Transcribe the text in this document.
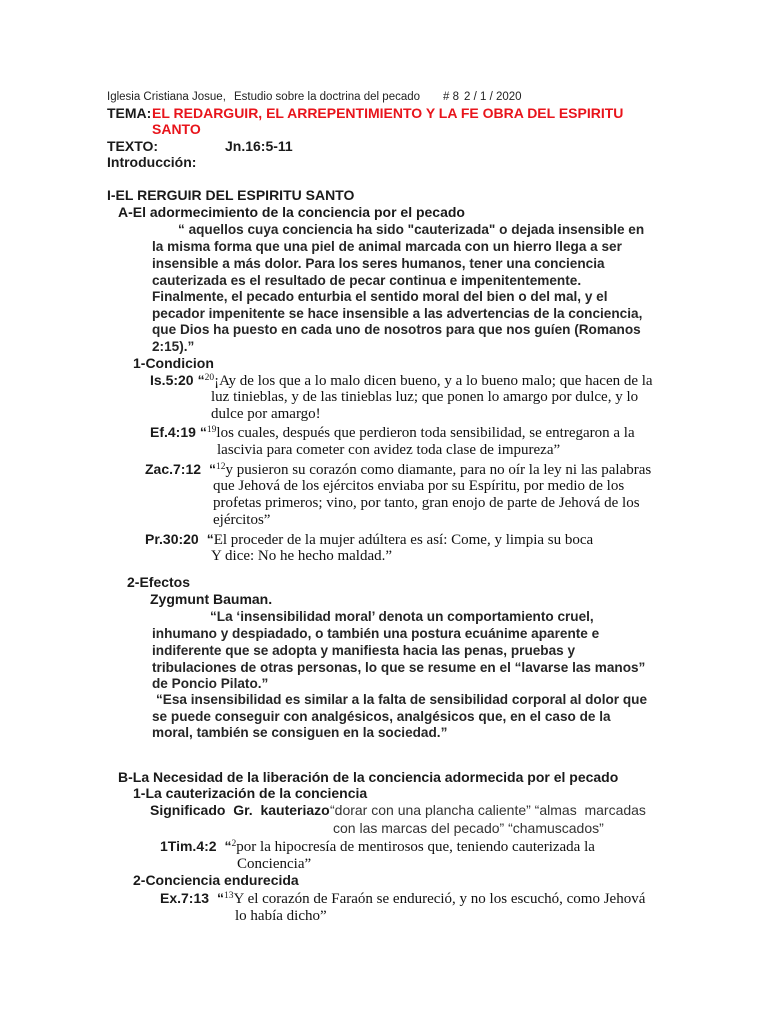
Iglesia Cristiana Josue, Estudio sobre la doctrina del pecado # 8 2 / 1 / 2020
TEMA: EL REDARGUIR, EL ARREPENTIMIENTO Y LA FE OBRA DEL ESPIRITU
SANTO
TEXTO:	Jn.16:5-11
Introducción:
I-EL RERGUIR DEL ESPIRITU SANTO
A-El adormecimiento de la conciencia por el pecado
“ aquellos cuya conciencia ha sido "cauterizada" o dejada insensible en
la misma forma que una piel de animal marcada con un hierro llega a ser
insensible a más dolor. Para los seres humanos, tener una conciencia
cauterizada es el resultado de pecar continua e impenitentemente.
Finalmente, el pecado enturbia el sentido moral del bien o del mal, y el
pecador impenitente se hace insensible a las advertencias de la conciencia,
que Dios ha puesto en cada uno de nosotros para que nos guíen (Romanos
2:15).”
1-Condicion
Is.5:20 “$^{20}$¡Ay de los que a lo malo dicen bueno, y a lo bueno malo; que hacen de la
luz tinieblas, y de las tinieblas luz; que ponen lo amargo por dulce, y lo
dulce por amargo!
Ef.4:19 “$^{19}$los cuales, después que perdieron toda sensibilidad, se entregaron a la
lascivia para cometer con avidez toda clase de impureza”
Zac.7:12 “$^{12}$y pusieron su corazón como diamante, para no oír la ley ni las palabras
que Jehová de los ejércitos enviaba por su Espíritu, por medio de los
profetas primeros; vino, por tanto, gran enojo de parte de Jehová de los
ejércitos”
Pr.30:20 “El proceder de la mujer adúltera es así: Come, y limpia su boca
Y dice: No he hecho maldad.”
2-Efectos
Zygmunt Bauman.
“La ‘insensibilidad moral’ denota un comportamiento cruel,
inhumano y despiadado, o también una postura ecuánime aparente e
indiferente que se adopta y manifiesta hacia las penas, pruebas y
tribulaciones de otras personas, lo que se resume en el “lavarse las manos”
de Poncio Pilato.”
“Esa insensibilidad es similar a la falta de sensibilidad corporal al dolor que
se puede conseguir con analgésicos, analgésicos que, en el caso de la
moral, también se consiguen en la sociedad.”
B-La Necesidad de la liberación de la conciencia adormecida por el pecado
1-La cauterización de la conciencia
Significado  Gr.  kauteriazo “dorar con una plancha caliente” “almas  marcadas
con las marcas del pecado” “chamuscados”
1Tim.4:2 “$^2$por la hipocresía de mentirosos que, teniendo cauterizada la
Conciencia”
2-Conciencia endurecida
Ex.7:13 “$^{13}$Y el corazón de Faraón se endureció, y no los escuchó, como Jehová
lo había dicho”
